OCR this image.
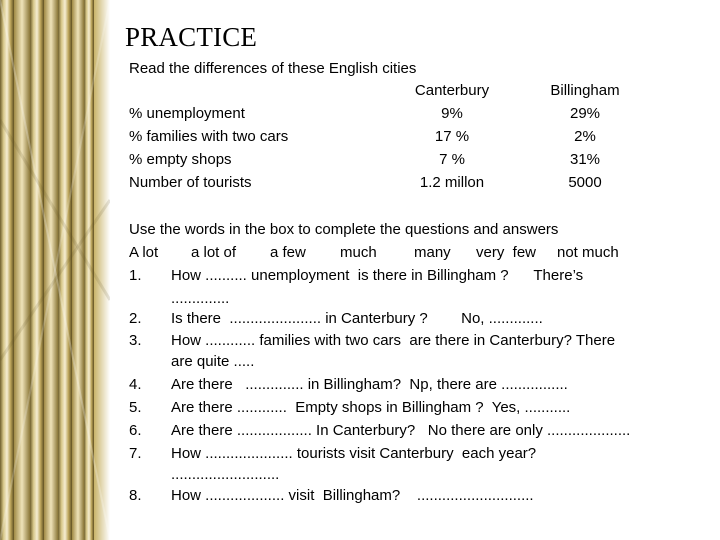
PRACTICE
Read the differences of these English cities
Canterbury	Billingham
% unemployment	9%	29%
% families with two cars	17 %	2%
% empty shops	7 %	31%
Number of tourists	1.2 millon	5000
Use the words in the box to complete the questions and answers
A lot a lot of a few much many very  few not much
1. How .......... unemployment  is there in Billingham ?      There’s
..............
2. Is there  ...................... in Canterbury ?        No, .............
3. How ............ families with two cars  are there in Canterbury? There
are quite .....
4. Are there   .............. in Billingham?  Np, there are ................
5. Are there ............  Empty shops in Billingham ?  Yes, ...........
6. Are there .................. In Canterbury?   No there are only ....................
7. How ..................... tourists visit Canterbury  each year?
..........................
8. How ................... visit  Billingham?    ............................
